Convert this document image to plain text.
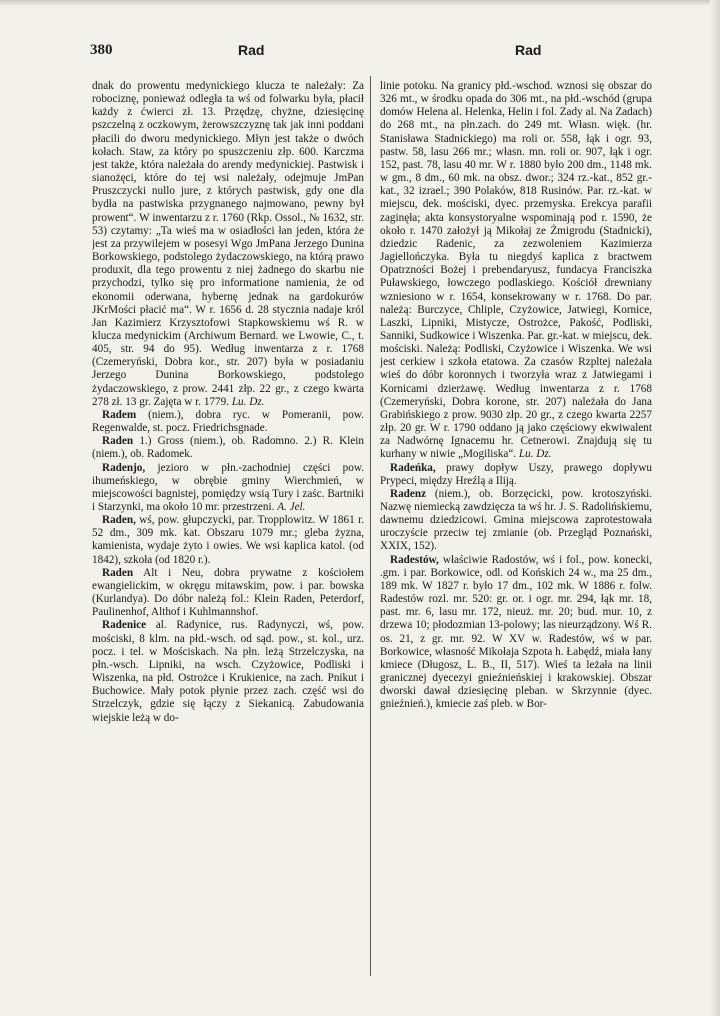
380	Rad	Rad

dnak do prowentu medynickiego klucza te należały: Za robociznę, ponieważ odległa ta wś od folwarku była, płacił każdy z ćwierci zł. 13. Przędzę, chyżne, dziesięcinę pszczelną z oczkowym, żerowszczyznę tak jak inni poddani płacili do dworu medynickiego. Młyn jest także o dwóch kołach. Staw, za który po spuszczeniu złp. 600. Karczma jest także, która należała do arendy medynickiej. Pastwisk i sianożęci, które do tej wsi należały, odejmuje JmPan Pruszczycki nullo jure, z których pastwisk, gdy one dla bydła na pastwiska przygnanego najmowano, pewny był prowent“. W inwentarzu z r. 1760 (Rkp. Ossol., № 1632, str. 53) czytamy: „Ta wieś ma w osiadłości łan jeden, która że jest za przywilejem w posesyi Wgo JmPana Jerzego Dunina Borkowskiego, podstolego żydaczowskiego, na którą prawo produxit, dla tego prowentu z niej żadnego do skarbu nie przychodzi, tylko się pro informatione namienia, że od ekonomii oderwana, hybernę jednak na gardokurów JKrMości płacić ma“. W r. 1656 d. 28 stycznia nadaje król Jan Kazimierz Krzysztofowi Stapkowskiemu wś R. w klucza medynickim (Archiwum Bernard. we Lwowie, C., t. 405, str. 94 do 95). Według inwentarza z r. 1768 (Czemeryński, Dobra kor., str. 207) była w posiadaniu Jerzego Dunina Borkowskiego, podstolego żydaczowskiego, z prow. 2441 złp. 22 gr., z czego kwarta 278 zł. 13 gr. Zajęta w r. 1779. Lu. Dz.

Radem (niem.), dobra ryc. w Pomeranii, pow. Regenwalde, st. pocz. Friedrichsgnade.

Raden 1.) Gross (niem.), ob. Radomno. 2.) R. Klein (niem.), ob. Radomek.

Radenjo, jezioro w płn.-zachodniej części pow. ihumeńskiego, w obrębie gminy Wierchmień, w miejscowości bagnistej, pomiędzy wsią Tury i zaśc. Bartniki i Starzynki, ma około 10 mr. przestrzeni. A. Jel.

Raden, wś, pow. głupczycki, par. Tropplowitz. W 1861 r. 52 dm., 309 mk. kat. Obszaru 1079 mr.; gleba żyzna, kamienista, wydaje żyto i owies. We wsi kaplica katol. (od 1842), szkoła (od 1820 r.).

Raden Alt i Neu, dobra prywatne z kościołem ewangielickim, w okręgu mitawskim, pow. i par. bowska (Kurlandya). Do dóbr należą fol.: Klein Raden, Peterdorf, Paulinenhof, Althof i Kuhlmannshof.

Radenice al. Radynice, rus. Radynyczi, wś, pow. mościski, 8 klm. na płd.-wsch. od sąd. pow., st. kol., urz. pocz. i tel. w Mościskach. Na płn. leżą Strzelczyska, na płn.-wsch. Lipniki, na wsch. Czyżowice, Podliski i Wiszenka, na płd. Ostrożce i Krukienice, na zach. Pnikut i Buchowice. Mały potok płynie przez zach. część wsi do Strzelczyk, gdzie się łączy z Siekanicą. Zabudowania wiejskie leżą w do-

linie potoku. Na granicy płd.-wschod. wznosi się obszar do 326 mt., w środku opada do 306 mt., na płd.-wschód (grupa domów Helena al. Helenka, Helin i fol. Zady al. Na Zadach) do 268 mt., na płn.zach. do 249 mt. Własn. więk. (hr. Stanisława Stadnickiego) ma roli or. 558, łąk i ogr. 93, pastw. 58, lasu 266 mr.; własn. mn. roli or. 907, łąk i ogr. 152, past. 78, lasu 40 mr. W r. 1880 było 200 dm., 1148 mk. w gm., 8 dm., 60 mk. na obsz. dwor.; 324 rz.-kat., 852 gr.-kat., 32 izrael.; 390 Polaków, 818 Rusinów. Par. rz.-kat. w miejscu, dek. mościski, dyec. przemyska. Erekcya parafii zaginęła; akta konsystoryalne wspominają pod r. 1590, że około r. 1470 założył ją Mikołaj ze Żmigrodu (Stadnicki), dziedzic Radenic, za zezwoleniem Kazimierza Jagiellończyka. Była tu niegdyś kaplica z bractwem Opatrzności Bożej i prebendaryusz, fundacya Franciszka Puławskiego, łowczego podlaskiego. Kościół drewniany wzniesiono w r. 1654, konsekrowany w r. 1768. Do par. należą: Burczyce, Chliple, Czyżowice, Jatwiegi, Kornice, Laszki, Lipniki, Mistycze, Ostrożce, Pakość, Podliski, Sanniki, Sudkowice i Wiszenka. Par. gr.-kat. w miejscu, dek. mościski. Należą: Podliski, Czyżowice i Wiszenka. We wsi jest cerkiew i szkoła etatowa. Za czasów Rzpltej należała wieś do dóbr koronnych i tworzyła wraz z Jatwiegami i Kornicami dzierżawę. Według inwentarza z r. 1768 (Czemeryński, Dobra korone, str. 207) należała do Jana Grabińskiego z prow. 9030 złp. 20 gr., z czego kwarta 2257 złp. 20 gr. W r. 1790 oddano ją jako częściowy ekwiwalent za Nadwórnę Ignacemu hr. Cetnerowi. Znajdują się tu kurhany w niwie „Mogiliska“. Lu. Dz.

Radeńka, prawy dopływ Uszy, prawego dopływu Prypeci, między Hreźlą a Iliją.

Radenz (niem.), ob. Borzęcicki, pow. krotoszyński. Nazwę niemiecką zawdzięcza ta wś hr. J. S. Radolińskiemu, dawnemu dziedzicowi. Gmina miejscowa zaprotestowała uroczyście przeciw tej zmianie (ob. Przegląd Poznański, XXIX, 152).

Radestów, właściwie Radostów, wś i fol., pow. konecki, .gm. i par. Borkowice, odl. od Końskich 24 w., ma 25 dm., 189 mk. W 1827 r. było 17 dm., 102 mk. W 1886 r. folw. Radestów rozl. mr. 520: gr. or. i ogr. mr. 294, łąk mr. 18, past. mr. 6, lasu mr. 172, nieuż. mr. 20; bud. mur. 10, z drzewa 10; płodozmian 13-polowy; las nieurządzony. Wś R. os. 21, z gr. mr. 92. W XV w. Radestów, wś w par. Borkowice, własność Mikołaja Szpota h. Łabędź, miała łany kmiece (Długosz, L. B., II, 517). Wieś ta leżała na linii granicznej dyecezyi gnieźnieńskiej i krakowskiej. Obszar dworski dawał dziesięcinę pleban. w Skrzynnie (dyec. gnieźnień.), kmiecie zaś pleb. w Bor-
